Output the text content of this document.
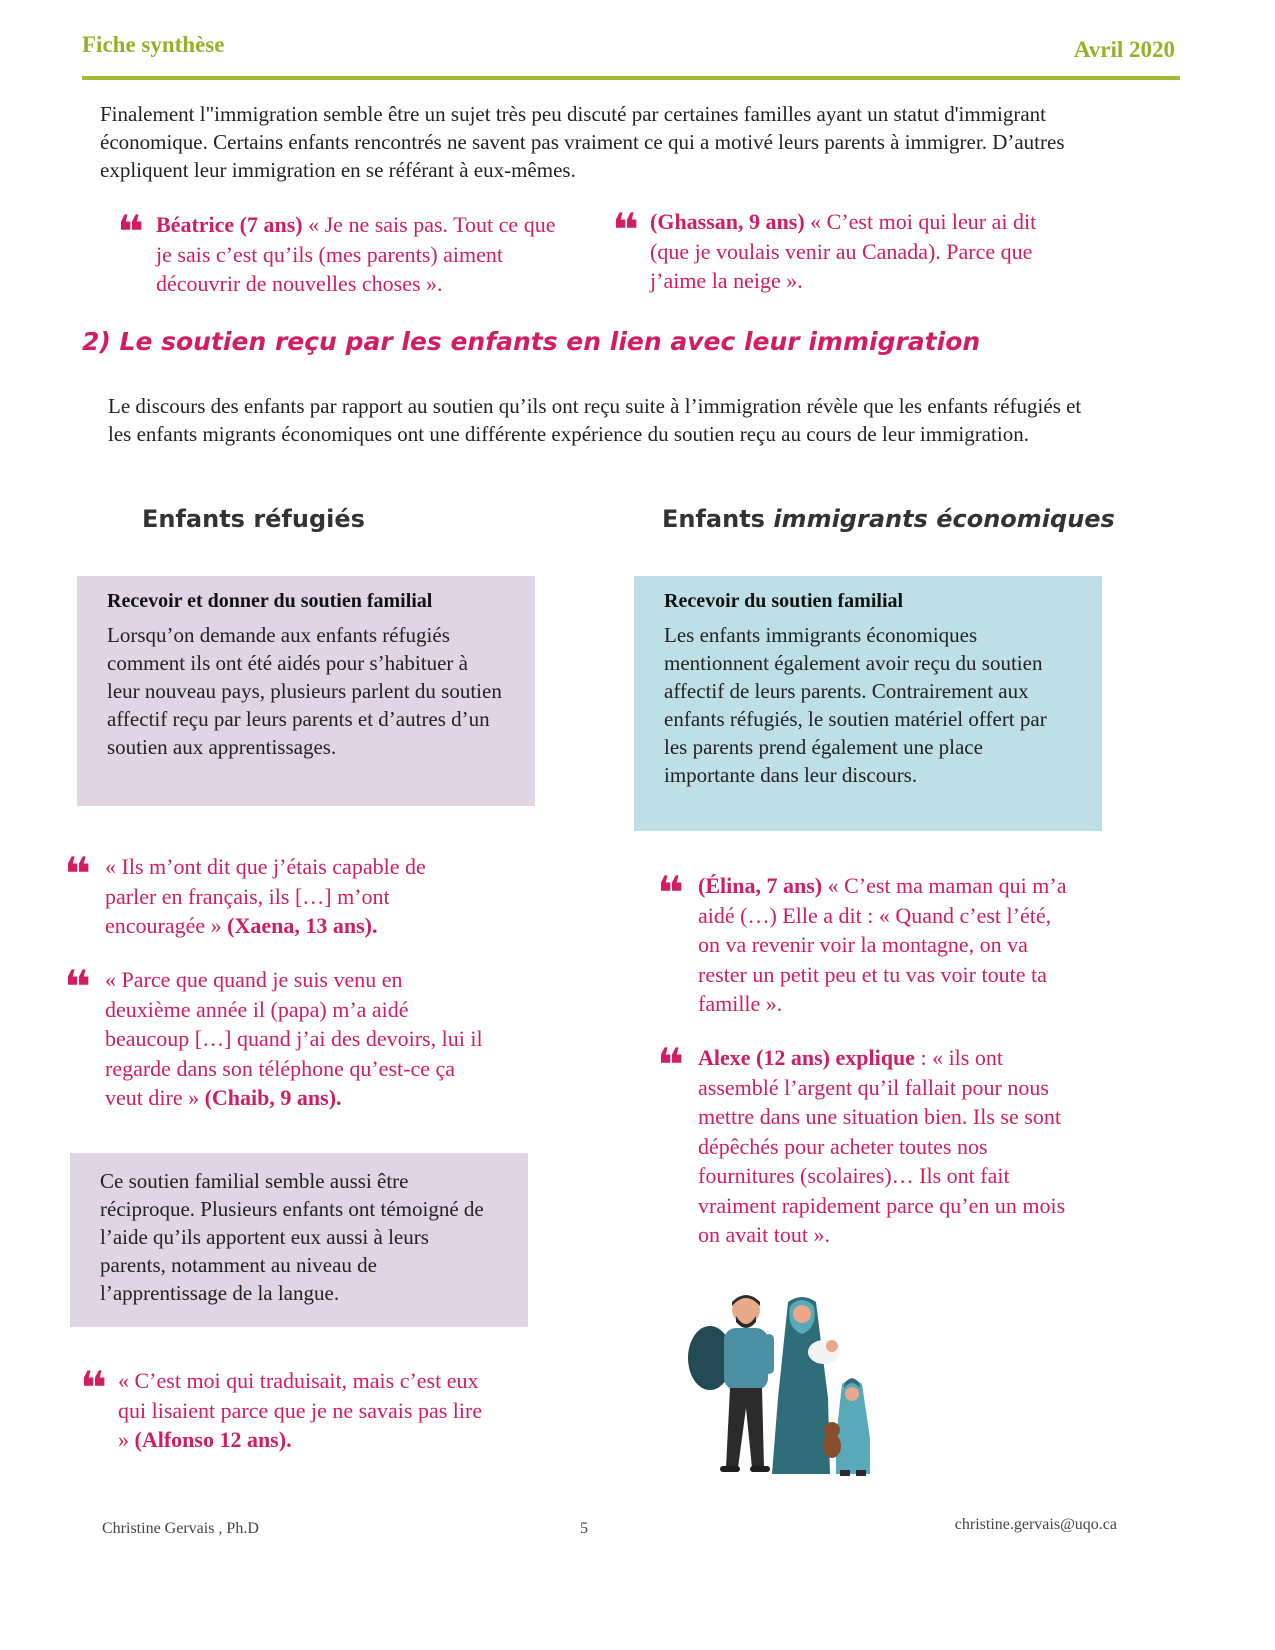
Fiche synthèse	Avril 2020
Finalement l"immigration semble être un sujet très peu discuté par certaines familles ayant un statut d'immigrant économique. Certains enfants rencontrés ne savent pas vraiment ce qui a motivé leurs parents à immigrer. D’autres expliquent leur immigration en se référant à eux-mêmes.
❝ Béatrice (7 ans) « Je ne sais pas. Tout ce que je sais c’est qu’ils (mes parents) aiment découvrir de nouvelles choses ».
❝ (Ghassan, 9 ans) « C’est moi qui leur ai dit (que je voulais venir au Canada). Parce que j’aime la neige ».
2) Le soutien reçu par les enfants en lien avec leur immigration
Le discours des enfants par rapport au soutien qu’ils ont reçu suite à l’immigration révèle que les enfants réfugiés et les enfants migrants économiques ont une différente expérience du soutien reçu au cours de leur immigration.
Enfants réfugiés	Enfants immigrants économiques
Recevoir et donner du soutien familial

Lorsqu’on demande aux enfants réfugiés comment ils ont été aidés pour s’habituer à leur nouveau pays, plusieurs parlent du soutien affectif reçu par leurs parents et d’autres d’un soutien aux apprentissages.

Recevoir du soutien familial

Les enfants immigrants économiques mentionnent également avoir reçu du soutien affectif de leurs parents. Contrairement aux enfants réfugiés, le soutien matériel offert par les parents prend également une place importante dans leur discours.

❝ « Ils m’ont dit que j’étais capable de parler en français, ils […] m’ont encouragée » (Xaena, 13 ans).
❝ « Parce que quand je suis venu en deuxième année il (papa) m’a aidé beaucoup […] quand j’ai des devoirs, lui il regarde dans son téléphone qu’est-ce ça veut dire » (Chaib, 9 ans).

Ce soutien familial semble aussi être réciproque. Plusieurs enfants ont témoigné de l’aide qu’ils apportent eux aussi à leurs parents, notamment au niveau de l’apprentissage de la langue.

❝ « C’est moi qui traduisait, mais c’est eux qui lisaient parce que je ne savais pas lire » (Alfonso 12 ans).
❝ (Élina, 7 ans) « C’est ma maman qui m’a aidé (…) Elle a dit : « Quand c’est l’été, on va revenir voir la montagne, on va rester un petit peu et tu vas voir toute ta famille ».
❝ Alexe (12 ans) explique : « ils ont assemblé l’argent qu’il fallait pour nous mettre dans une situation bien. Ils se sont dépêchés pour acheter toutes nos fournitures (scolaires)… Ils ont fait vraiment rapidement parce qu’en un mois on avait tout ».
Christine Gervais , Ph.D	5	christine.gervais@uqo.ca
